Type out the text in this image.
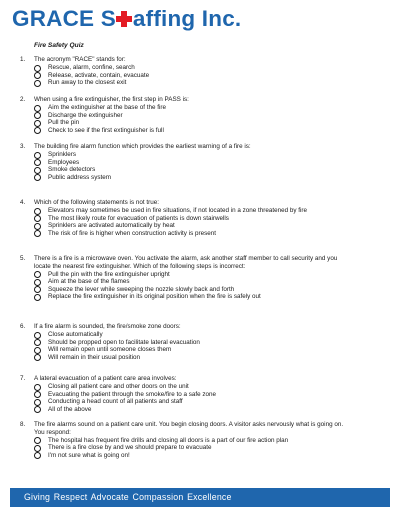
GRACE S affing Inc.
Fire Safety Quiz
1.	The acronym "RACE" stands for:
Rescue, alarm, confine, search
Release, activate, contain, evacuate
Run away to the closest exit
2.	When using a fire extinguisher, the first step in PASS is:
Aim the extinguisher at the base of the fire
Discharge the extinguisher
Pull the pin
Check to see if the first extinguisher is full
3.	The building fire alarm function which provides the earliest warning of a fire is:
Sprinklers
Employees
Smoke detectors
Public address system
4.	Which of the following statements is not true:
Elevators may sometimes be used in fire situations, if not located in a zone threatened by fire
The most likely route for evacuation of patients is down stairwells
Sprinklers are activated automatically by heat
The risk of fire is higher when construction activity is present
5.	There is a fire is a microwave oven. You activate the alarm, ask another staff member to call security and you locate the nearest fire extinguisher. Which of the following steps is incorrect:
Pull the pin with the fire extinguisher upright
Aim at the base of the flames
Squeeze the lever while sweeping the nozzle slowly back and forth
Replace the fire extinguisher in its original position when the fire is safely out
6.	If a fire alarm is sounded, the fire/smoke zone doors:
Close automatically
Should be propped open to facilitate lateral evacuation
Will remain open until someone closes them
Will remain in their usual position
7.	A lateral evacuation of a patient care area involves:
Closing all patient care and other doors on the unit
Evacuating the patient through the smoke/fire to a safe zone
Conducting a head count of all patients and staff
All of the above
8.	The fire alarms sound on a patient care unit. You begin closing doors. A visitor asks nervously what is going on. You respond:
The hospital has frequent fire drills and closing all doors is a part of our fire action plan
There is a fire close by and we should prepare to evacuate
I'm not sure what is going on!
Giving Respect Advocate Compassion Excellence
